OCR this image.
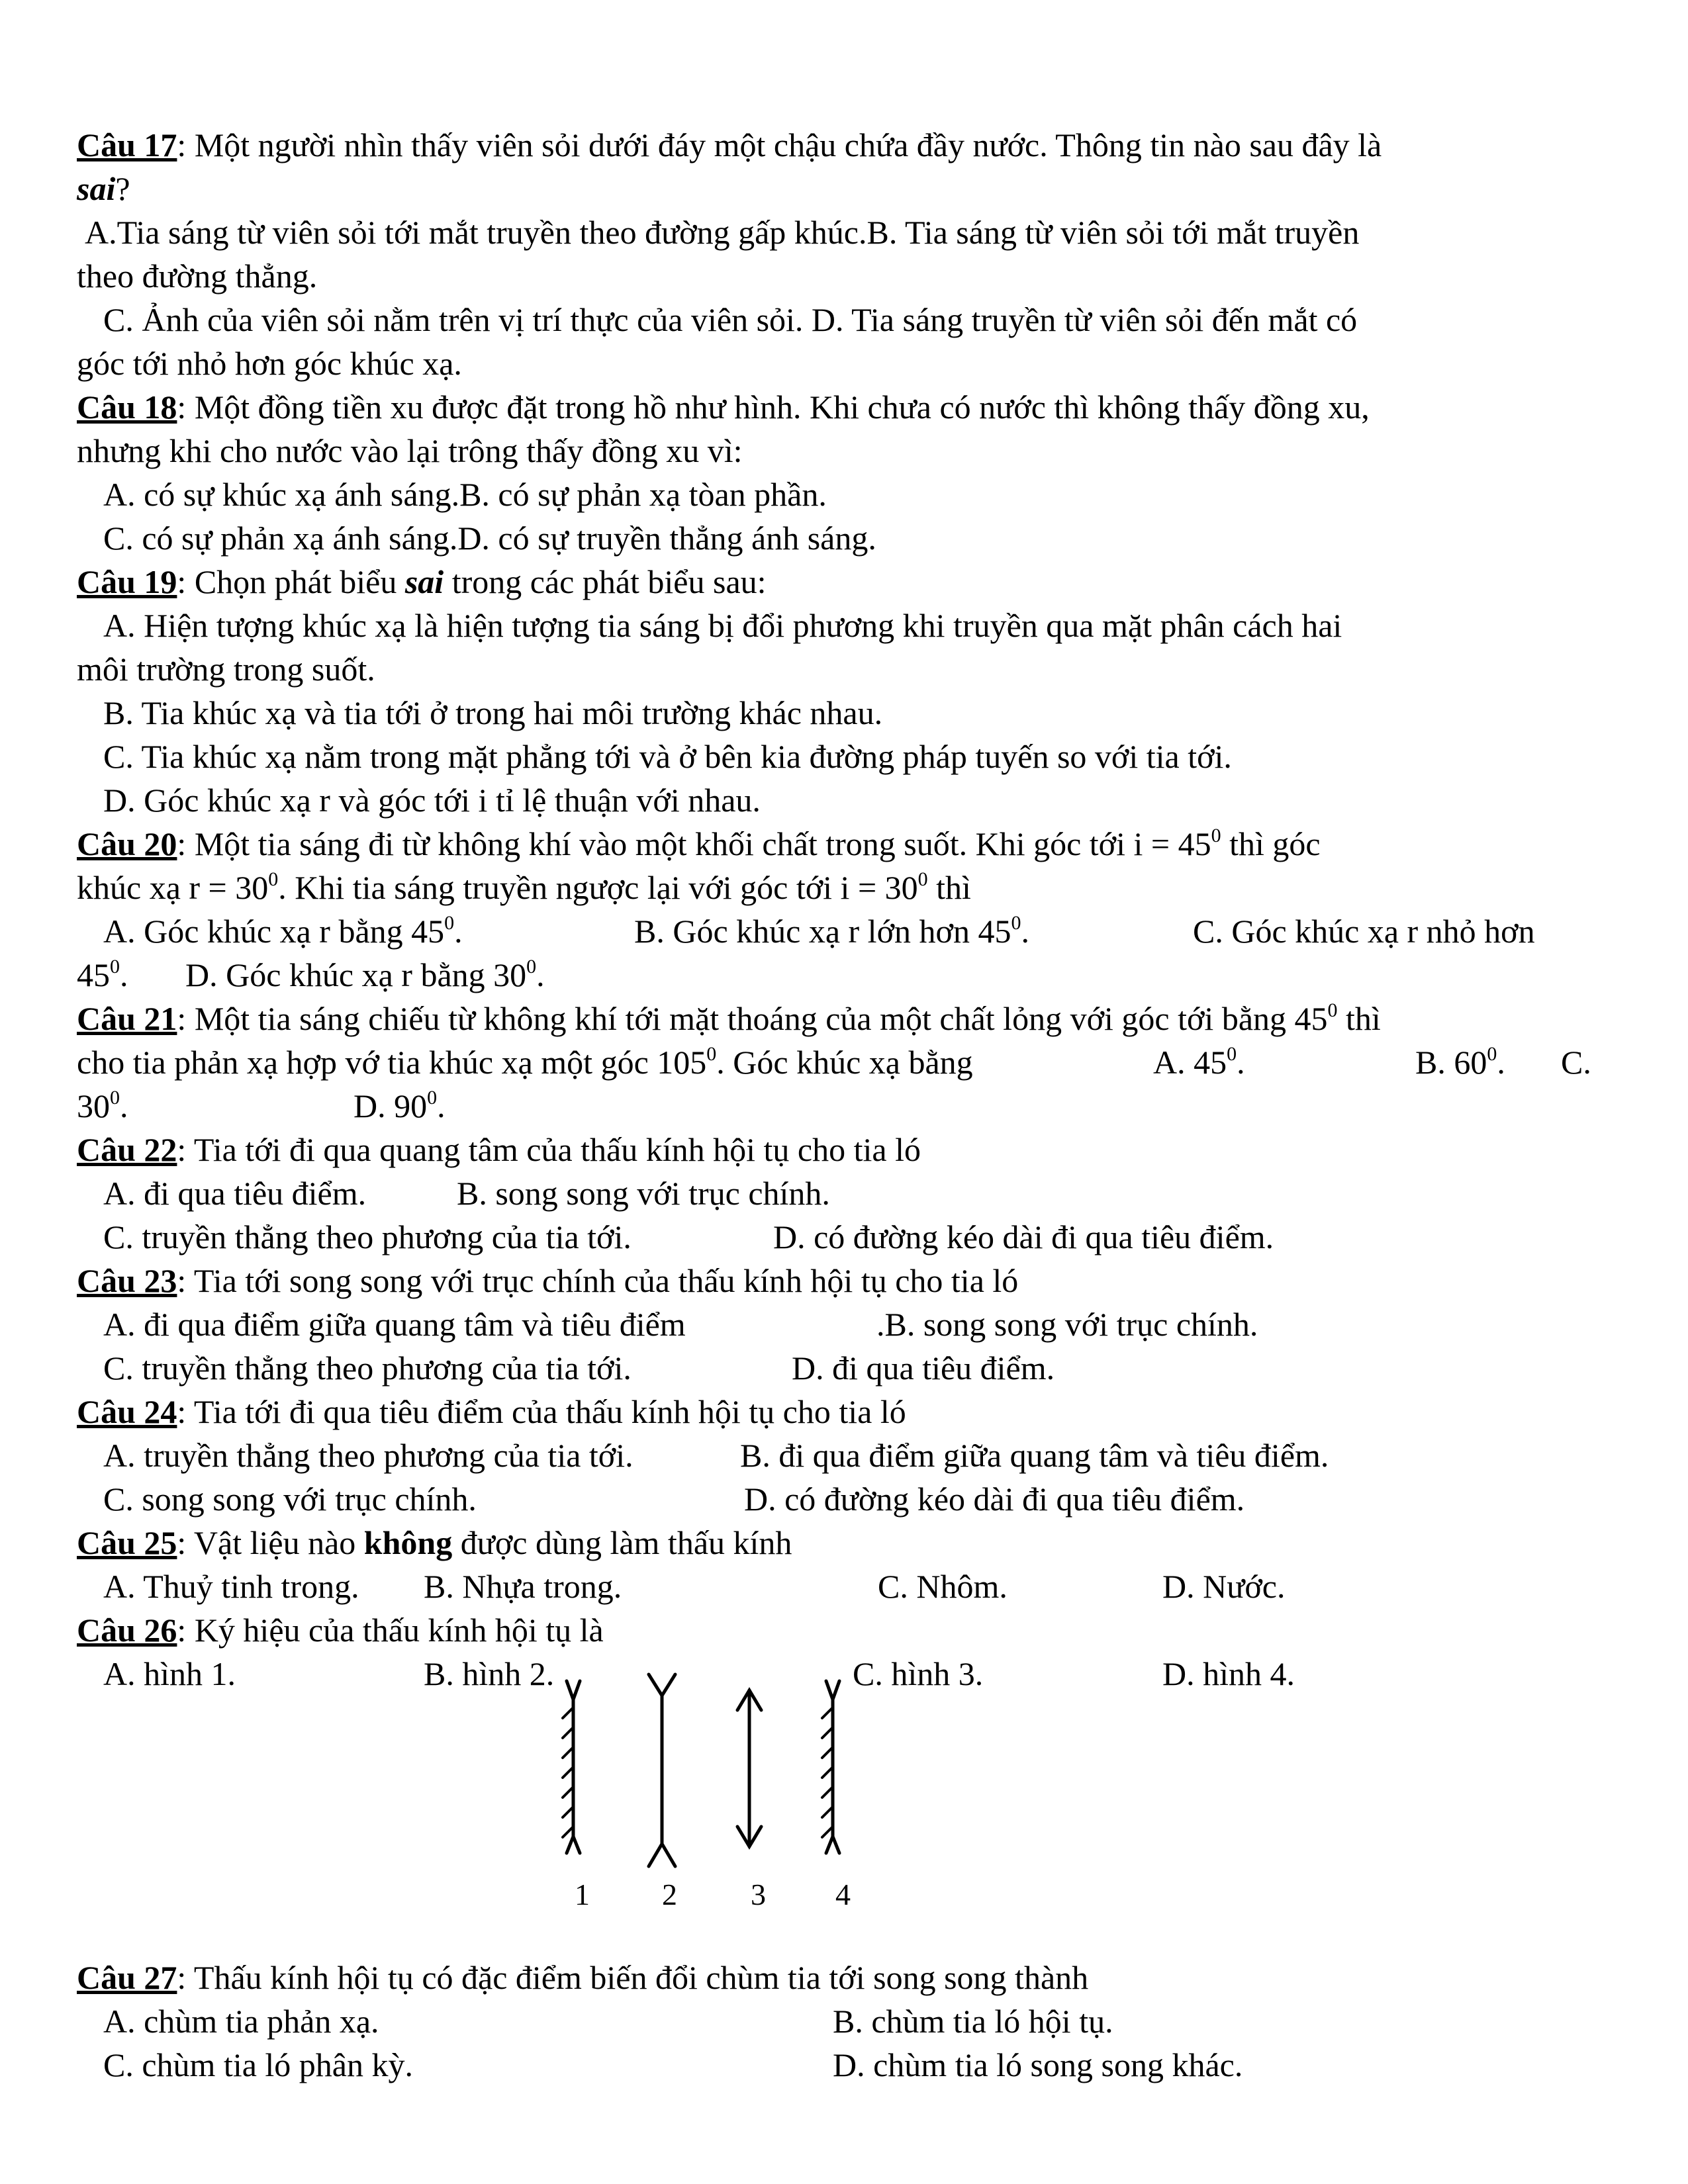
Câu 17: Một người nhìn thấy viên sỏi dưới đáy một chậu chứa đầy nước. Thông tin nào sau đây là
sai?
A.Tia sáng từ viên sỏi tới mắt truyền theo đường gấp khúc.B. Tia sáng từ viên sỏi tới mắt truyền
theo đường thẳng.
C. Ảnh của viên sỏi nằm trên vị trí thực của viên sỏi. D. Tia sáng truyền từ viên sỏi đến mắt có
góc tới nhỏ hơn góc khúc xạ.
Câu 18: Một đồng tiền xu được đặt trong hồ như hình. Khi chưa có nước thì không thấy đồng xu,
nhưng khi cho nước vào lại trông thấy đồng xu vì:
A. có sự khúc xạ ánh sáng.B. có sự phản xạ tòan phần.
C. có sự phản xạ ánh sáng.D. có sự truyền thẳng ánh sáng.
Câu 19: Chọn phát biểu sai trong các phát biểu sau:
A. Hiện tượng khúc xạ là hiện tượng tia sáng bị đổi phương khi truyền qua mặt phân cách hai
môi trường trong suốt.
B. Tia khúc xạ và tia tới ở trong hai môi trường khác nhau.
C. Tia khúc xạ nằm trong mặt phẳng tới và ở bên kia đường pháp tuyến so với tia tới.
D. Góc khúc xạ r và góc tới i tỉ lệ thuận với nhau.
Câu 20: Một tia sáng đi từ không khí vào một khối chất trong suốt. Khi góc tới $i = 45^0$ thì góc
khúc xạ $r = 30^0$. Khi tia sáng truyền ngược lại với góc tới $i = 30^0$ thì
A. Góc khúc xạ r bằng $45^0$.	B. Góc khúc xạ r lớn hơn $45^0$.	C. Góc khúc xạ r nhỏ hơn
$45^0$. D. Góc khúc xạ r bằng $30^0$.
Câu 21: Một tia sáng chiếu từ không khí tới mặt thoáng của một chất lỏng với góc tới bằng $45^0$ thì
cho tia phản xạ hợp vớ tia khúc xạ một góc $105^0$. Góc khúc xạ bằng	A. $45^0$.	B. $60^0$. C.
$30^0$.	D. $90^0$.
Câu 22: Tia tới đi qua quang tâm của thấu kính hội tụ cho tia ló
A. đi qua tiêu điểm.	B. song song với trục chính.
C. truyền thẳng theo phương của tia tới.	D. có đường kéo dài đi qua tiêu điểm.
Câu 23: Tia tới song song với trục chính của thấu kính hội tụ cho tia ló
A. đi qua điểm giữa quang tâm và tiêu điểm	.B. song song với trục chính.
C. truyền thẳng theo phương của tia tới.	D. đi qua tiêu điểm.
Câu 24: Tia tới đi qua tiêu điểm của thấu kính hội tụ cho tia ló
A. truyền thẳng theo phương của tia tới.	B. đi qua điểm giữa quang tâm và tiêu điểm.
C. song song với trục chính.	D. có đường kéo dài đi qua tiêu điểm.
Câu 25: Vật liệu nào không được dùng làm thấu kính
A. Thuỷ tinh trong. B. Nhựa trong.	C. Nhôm.	D. Nước.
Câu 26: Ký hiệu của thấu kính hội tụ là
A. hình 1.	B. hình 2.	C. hình 3.	D. hình 4.
1 2 3 4
Câu 27: Thấu kính hội tụ có đặc điểm biến đổi chùm tia tới song song thành
A. chùm tia phản xạ.	B. chùm tia ló hội tụ.
C. chùm tia ló phân kỳ.	D. chùm tia ló song song khác.
